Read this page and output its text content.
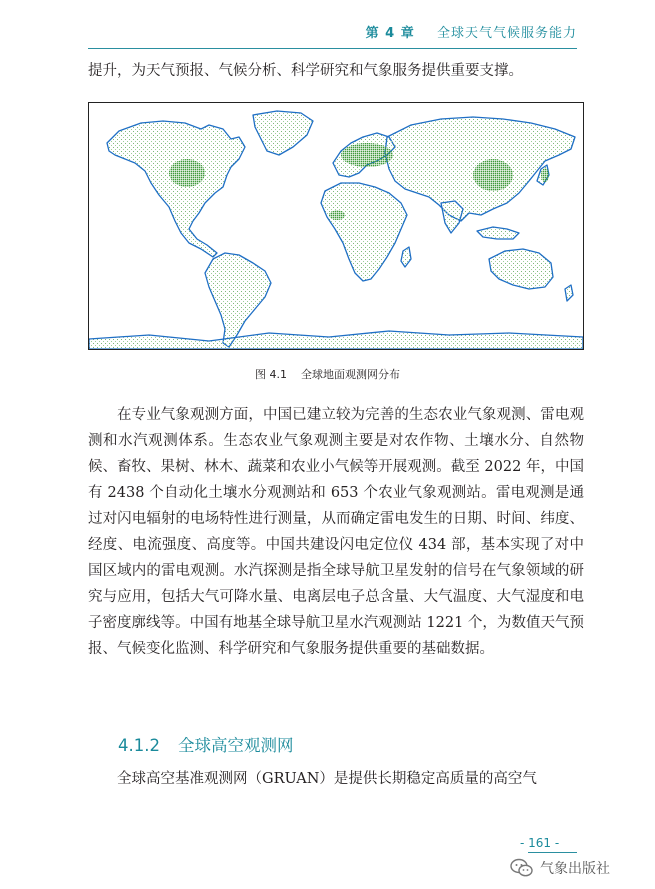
第 4 章 全球天气气候服务能力

提升，为天气预报、气候分析、科学研究和气象服务提供重要支撑。

图 4.1 全球地面观测网分布

在专业气象观测方面，中国已建立较为完善的生态农业气象观测、雷电观测和水汽观测体系。生态农业气象观测主要是对农作物、土壤水分、自然物候、畜牧、果树、林木、蔬菜和农业小气候等开展观测。截至 2022 年，中国有 2438 个自动化土壤水分观测站和 653 个农业气象观测站。雷电观测是通过对闪电辐射的电场特性进行测量，从而确定雷电发生的日期、时间、纬度、经度、电流强度、高度等。中国共建设闪电定位仪 434 部，基本实现了对中国区域内的雷电观测。水汽探测是指全球导航卫星发射的信号在气象领域的研究与应用，包括大气可降水量、电离层电子总含量、大气温度、大气湿度和电子密度廓线等。中国有地基全球导航卫星水汽观测站 1221 个，为数值天气预报、气候变化监测、科学研究和气象服务提供重要的基础数据。

4.1.2 全球高空观测网

全球高空基准观测网（GRUAN）是提供长期稳定高质量的高空气

- 161 -
气象出版社
